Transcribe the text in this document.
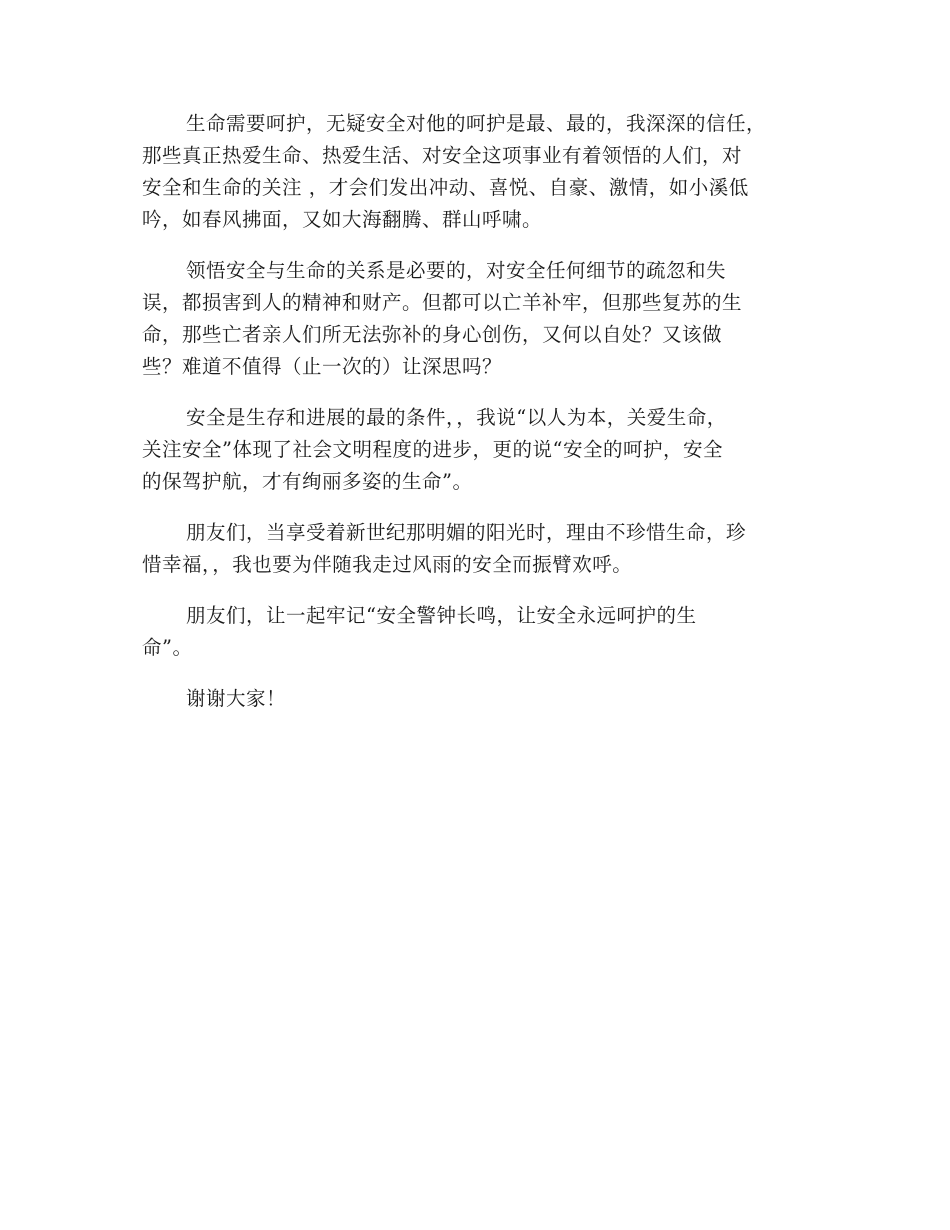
生命需要呵护，无疑安全对他的呵护是最、最的，我深深的信任，
那些真正热爱生命、热爱生活、对安全这项事业有着领悟的人们，对
安全和生命的关注 ，才会们发出冲动、喜悦、自豪、激情，如小溪低
吟，如春风拂面，又如大海翻腾、群山呼啸。

领悟安全与生命的关系是必要的，对安全任何细节的疏忽和失
误，都损害到人的精神和财产。但都可以亡羊补牢，但那些复苏的生
命，那些亡者亲人们所无法弥补的身心创伤，又何以自处？又该做
些？难道不值得（止一次的）让深思吗？

安全是生存和进展的最的条件，，我说“以人为本，关爱生命，
关注安全”体现了社会文明程度的进步，更的说“安全的呵护，安全
的保驾护航，才有绚丽多姿的生命”。

朋友们，当享受着新世纪那明媚的阳光时，理由不珍惜生命，珍
惜幸福，，我也要为伴随我走过风雨的安全而振臂欢呼。

朋友们，让一起牢记“安全警钟长鸣，让安全永远呵护的生
命”。

谢谢大家！
